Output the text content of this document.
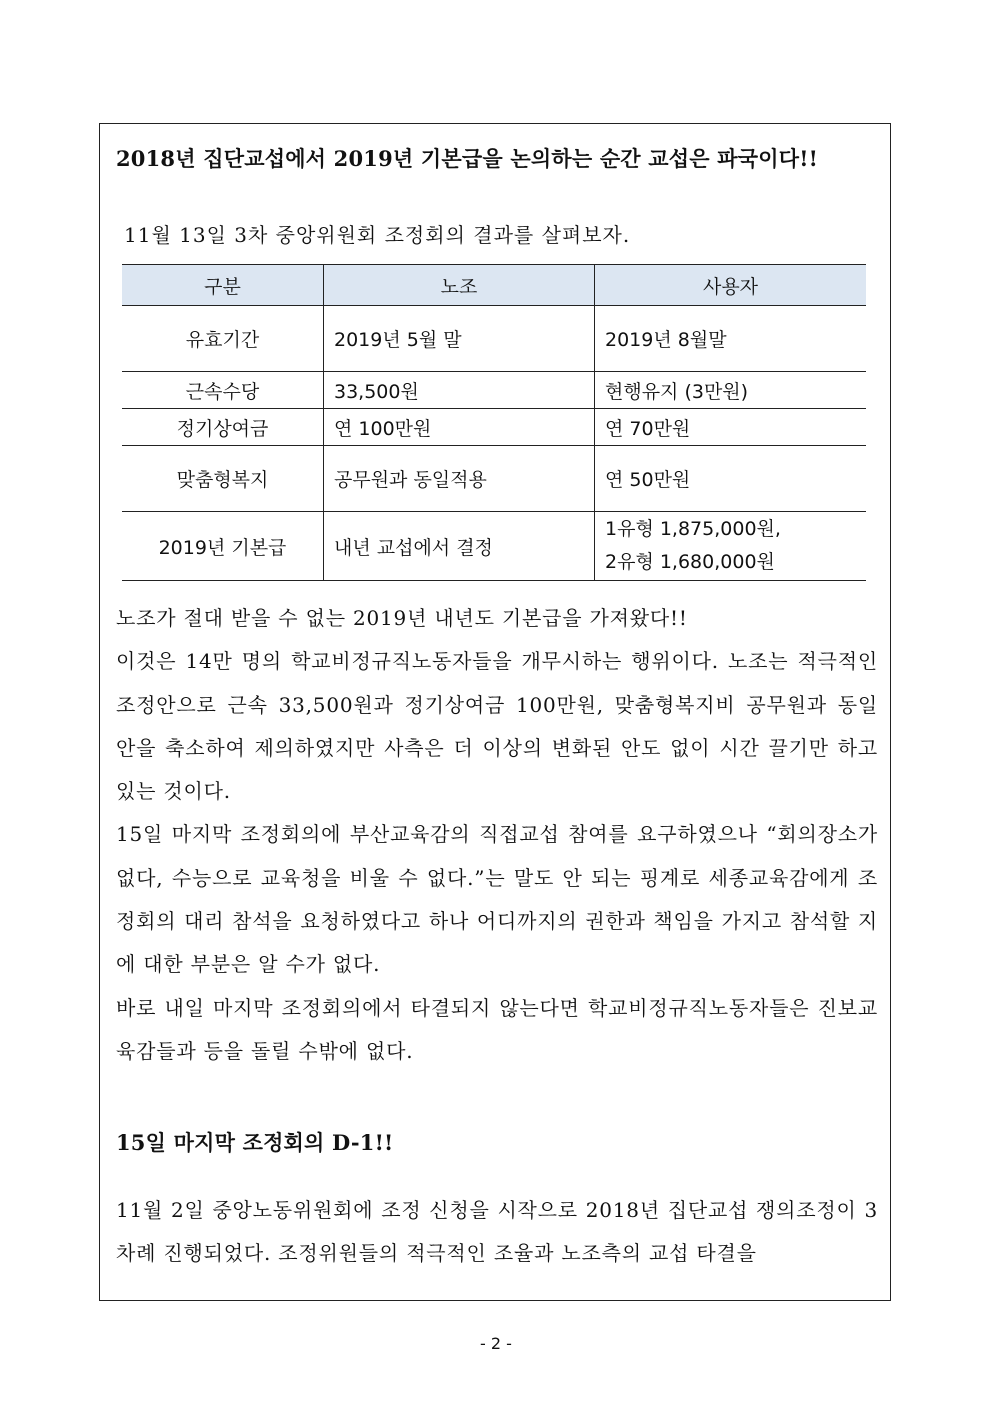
2018년 집단교섭에서 2019년 기본급을 논의하는 순간 교섭은 파국이다!!
11월 13일 3차 중앙위원회 조정회의 결과를 살펴보자.
구분	노조	사용자
유효기간	2019년 5월 말	2019년 8월말
근속수당	33,500원	현행유지 (3만원)
정기상여금	연 100만원	연 70만원
맞춤형복지	공무원과 동일적용	연 50만원
2019년 기본급	내년 교섭에서 결정	1유형 1,875,000원,
2유형 1,680,000원
노조가 절대 받을 수 없는 2019년 내년도 기본급을 가져왔다!!
이것은 14만 명의 학교비정규직노동자들을 개무시하는 행위이다. 노조는 적극적인 조정안으로 근속 33,500원과 정기상여금 100만원, 맞춤형복지비 공무원과 동일 안을 축소하여 제의하였지만 사측은 더 이상의 변화된 안도 없이 시간 끌기만 하고 있는 것이다.
15일 마지막 조정회의에 부산교육감의 직접교섭 참여를 요구하였으나 “회의장소가 없다, 수능으로 교육청을 비울 수 없다.”는 말도 안 되는 핑계로 세종교육감에게 조정회의 대리 참석을 요청하였다고 하나 어디까지의 권한과 책임을 가지고 참석할 지에 대한 부분은 알 수가 없다.
바로 내일 마지막 조정회의에서 타결되지 않는다면 학교비정규직노동자들은 진보교육감들과 등을 돌릴 수밖에 없다.
15일 마지막 조정회의 D-1!!
11월 2일 중앙노동위원회에 조정 신청을 시작으로 2018년 집단교섭 쟁의조정이 3차례 진행되었다. 조정위원들의 적극적인 조율과 노조측의 교섭 타결을
- 2 -
